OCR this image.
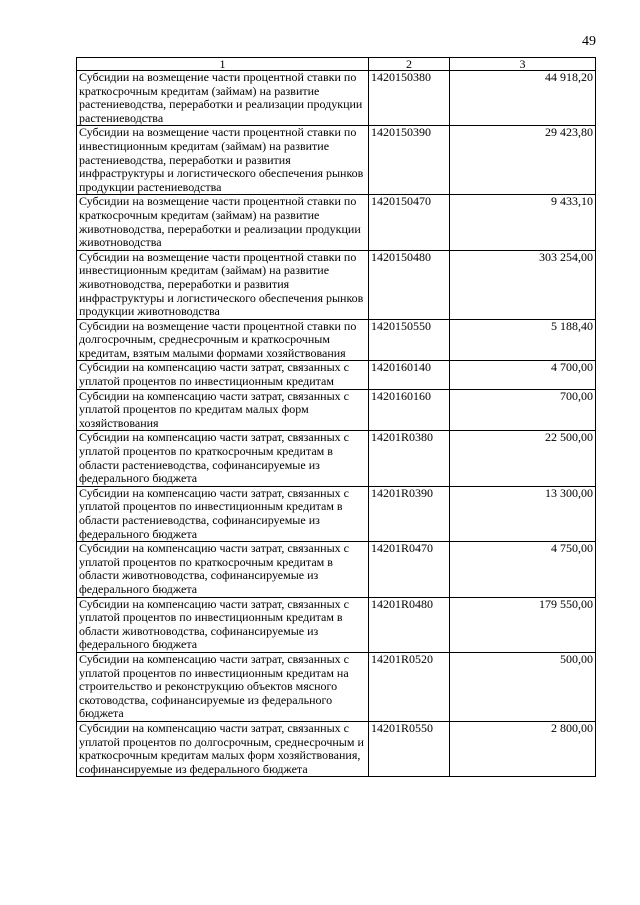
49
1	2	3
Субсидии на возмещение части процентной ставки по краткосрочным кредитам (займам) на развитие растениеводства, переработки и реализации продукции растениеводства	1420150380	44 918,20
Субсидии на возмещение части процентной ставки по инвестиционным кредитам (займам) на развитие растениеводства, переработки и развития инфраструктуры и логистического обеспечения рынков продукции растениеводства	1420150390	29 423,80
Субсидии на возмещение части процентной ставки по краткосрочным кредитам (займам) на развитие животноводства, переработки и реализации продукции животноводства	1420150470	9 433,10
Субсидии на возмещение части процентной ставки по инвестиционным кредитам (займам) на развитие животноводства, переработки и развития инфраструктуры и логистического обеспечения рынков продукции животноводства	1420150480	303 254,00
Субсидии на возмещение части процентной ставки по долгосрочным, среднесрочным и краткосрочным кредитам, взятым малыми формами хозяйствования	1420150550	5 188,40
Субсидии на компенсацию части затрат, связанных с уплатой процентов по инвестиционным кредитам	1420160140	4 700,00
Субсидии на компенсацию части затрат, связанных с уплатой процентов по кредитам малых форм хозяйствования	1420160160	700,00
Субсидии на компенсацию части затрат, связанных с уплатой процентов по краткосрочным кредитам в области растениеводства, софинансируемые из федерального бюджета	14201R0380	22 500,00
Субсидии на компенсацию части затрат, связанных с уплатой процентов по инвестиционным кредитам в области растениеводства, софинансируемые из федерального бюджета	14201R0390	13 300,00
Субсидии на компенсацию части затрат, связанных с уплатой процентов по краткосрочным кредитам в области животноводства, софинансируемые из федерального бюджета	14201R0470	4 750,00
Субсидии на компенсацию части затрат, связанных с уплатой процентов по инвестиционным кредитам в области животноводства, софинансируемые из федерального бюджета	14201R0480	179 550,00
Субсидии на компенсацию части затрат, связанных с уплатой процентов по инвестиционным кредитам на строительство и реконструкцию объектов мясного скотоводства, софинансируемые из федерального бюджета	14201R0520	500,00
Субсидии на компенсацию части затрат, связанных с уплатой процентов по долгосрочным, среднесрочным и краткосрочным кредитам малых форм хозяйствования, софинансируемые из федерального бюджета	14201R0550	2 800,00
